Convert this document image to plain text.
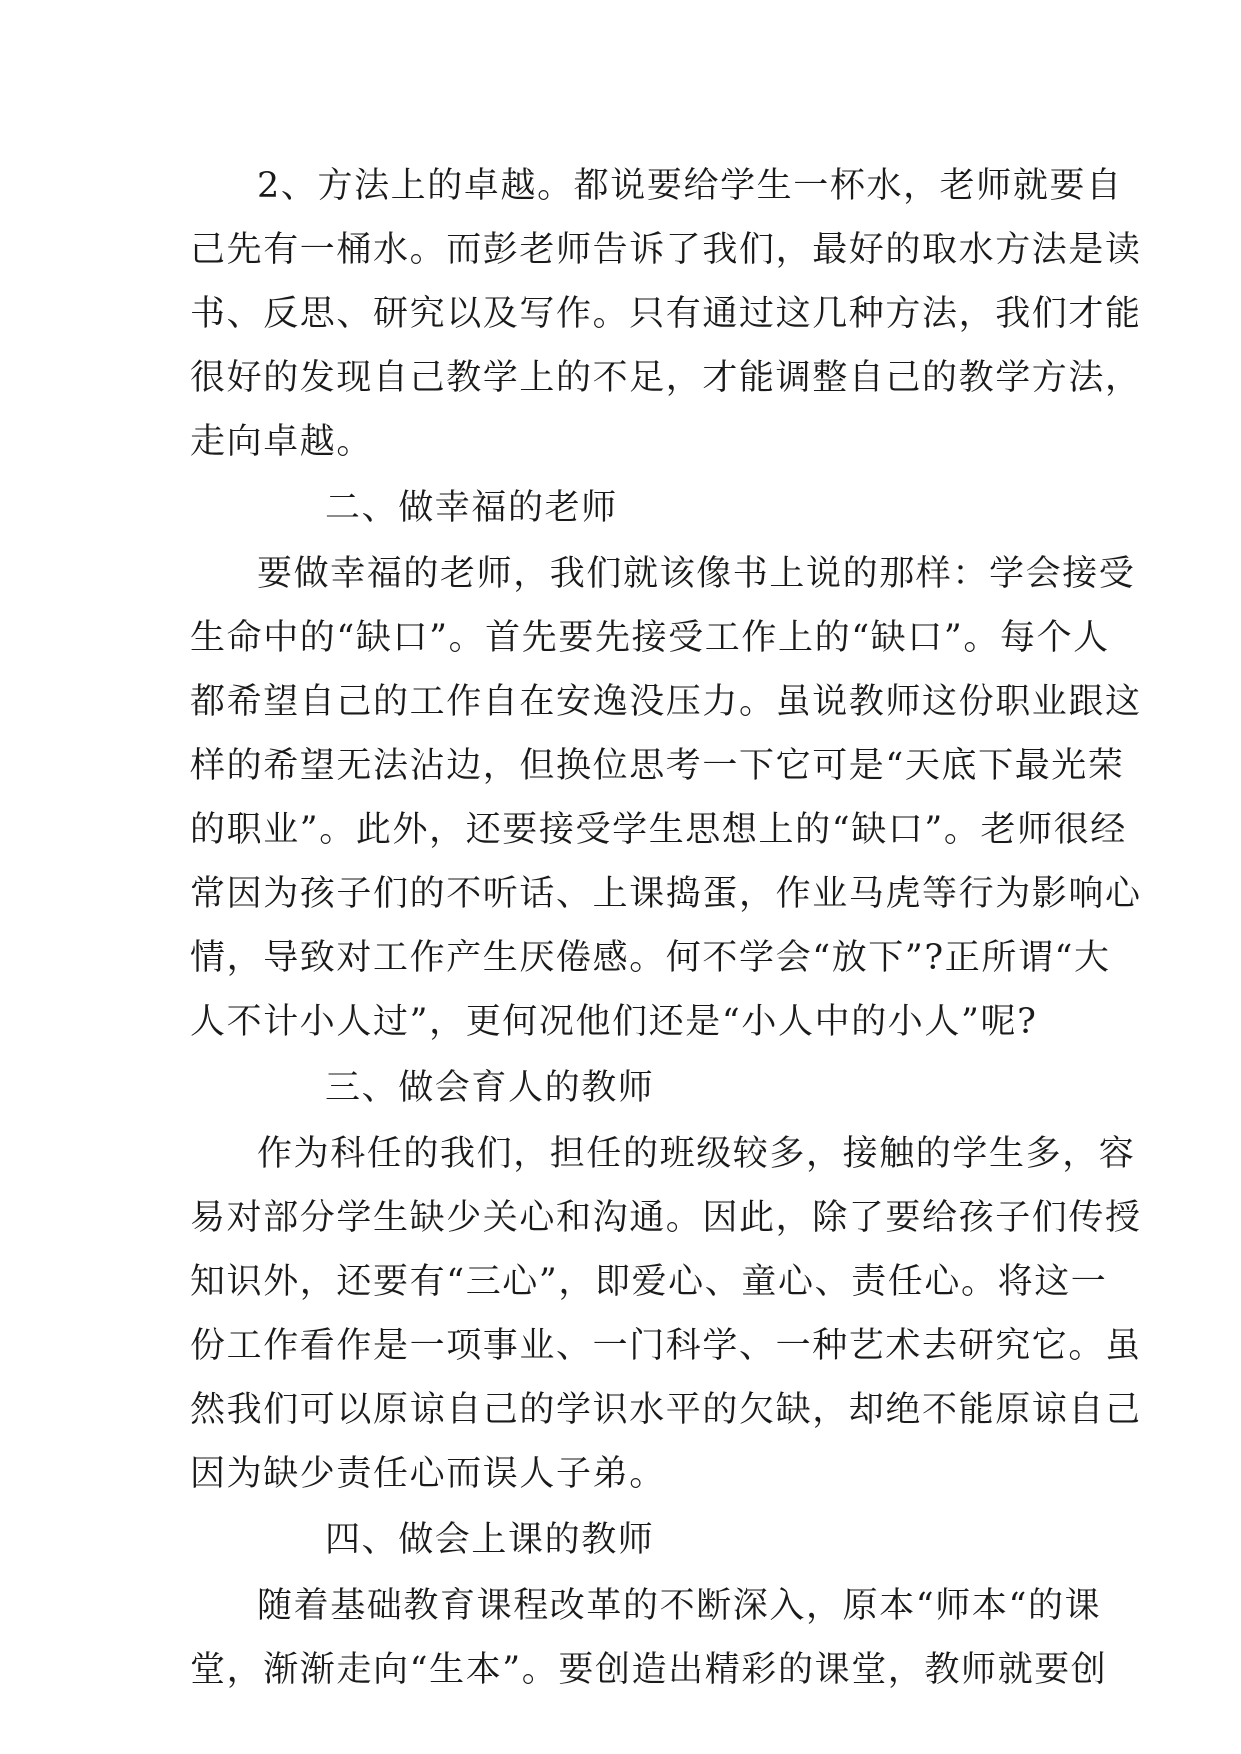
2、方法上的卓越。都说要给学生一杯水，老师就要自
己先有一桶水。而彭老师告诉了我们，最好的取水方法是读
书、反思、研究以及写作。只有通过这几种方法，我们才能
很好的发现自己教学上的不足，才能调整自己的教学方法，
走向卓越。
二、做幸福的老师
要做幸福的老师，我们就该像书上说的那样：学会接受
生命中的“缺口”。首先要先接受工作上的“缺口”。每个人
都希望自己的工作自在安逸没压力。虽说教师这份职业跟这
样的希望无法沾边，但换位思考一下它可是“天底下最光荣
的职业”。此外，还要接受学生思想上的“缺口”。老师很经
常因为孩子们的不听话、上课捣蛋，作业马虎等行为影响心
情，导致对工作产生厌倦感。何不学会“放下”?正所谓“大
人不计小人过”，更何况他们还是“小人中的小人”呢?
三、做会育人的教师
作为科任的我们，担任的班级较多，接触的学生多，容
易对部分学生缺少关心和沟通。因此，除了要给孩子们传授
知识外，还要有“三心”，即爱心、童心、责任心。将这一
份工作看作是一项事业、一门科学、一种艺术去研究它。虽
然我们可以原谅自己的学识水平的欠缺，却绝不能原谅自己
因为缺少责任心而误人子弟。
四、做会上课的教师
随着基础教育课程改革的不断深入，原本“师本“的课
堂，渐渐走向“生本”。要创造出精彩的课堂，教师就要创
